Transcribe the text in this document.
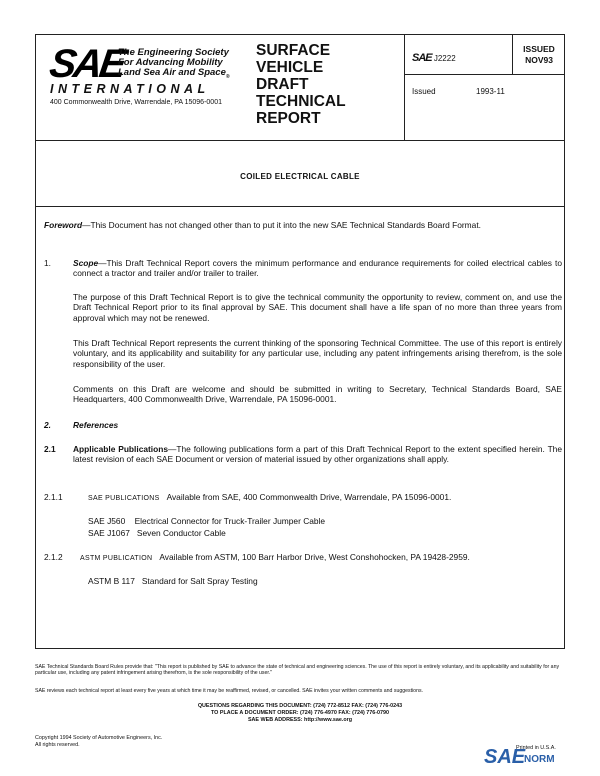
SAE
The Engineering Society
For Advancing Mobility
Land Sea Air and Space$_®$
INTERNATIONAL
400 Commonwealth Drive, Warrendale, PA 15096-0001
SURFACE
VEHICLE
DRAFT
TECHNICAL
REPORT
SAE J2222
Issued	1993-11
ISSUED
NOV93
COILED ELECTRICAL CABLE
Foreword—This Document has not changed other than to put it into the new SAE Technical Standards Board Format.
1.	Scope—This Draft Technical Report covers the minimum performance and endurance requirements for coiled electrical cables to connect a tractor and trailer and/or trailer to trailer.
The purpose of this Draft Technical Report is to give the technical community the opportunity to review, comment on, and use the Draft Technical Report prior to its final approval by SAE. This document shall have a life span of no more than three years from approval which may not be renewed.
This Draft Technical Report represents the current thinking of the sponsoring Technical Committee. The use of this report is entirely voluntary, and its applicability and suitability for any particular use, including any patent infringements arising therefrom, is the sole responsibility of the user.
Comments on this Draft are welcome and should be submitted in writing to Secretary, Technical Standards Board, SAE Headquarters, 400 Commonwealth Drive, Warrendale, PA 15096-0001.
2.	References
2.1 Applicable Publications—The following publications form a part of this Draft Technical Report to the extent specified herein. The latest revision of each SAE Document or version of material issued by other organizations shall apply.
2.1.1	SAE PUBLICATIONS Available from SAE, 400 Commonwealth Drive, Warrendale, PA 15096-0001.
SAE J560 Electrical Connector for Truck-Trailer Jumper Cable
SAE J1067 Seven Conductor Cable
2.1.2 ASTM PUBLICATION Available from ASTM, 100 Barr Harbor Drive, West Conshohocken, PA 19428-2959.
ASTM B 117 Standard for Salt Spray Testing
SAE Technical Standards Board Rules provide that: "This report is published by SAE to advance the state of technical and engineering sciences. The use of this report is entirely voluntary, and its applicability and suitability for any particular use, including any patent infringement arising therefrom, is the sole responsibility of the user."
SAE reviews each technical report at least every five years at which time it may be reaffirmed, revised, or cancelled. SAE invites your written comments and suggestions.
QUESTIONS REGARDING THIS DOCUMENT: (724) 772-8512 FAX: (724) 776-0243
TO PLACE A DOCUMENT ORDER: (724) 776-4970 FAX: (724) 776-0790
SAE WEB ADDRESS: http://www.sae.org
Copyright 1994 Society of Automotive Engineers, Inc.
All rights reserved.	Printed in U.S.A.
SAE
NORM
